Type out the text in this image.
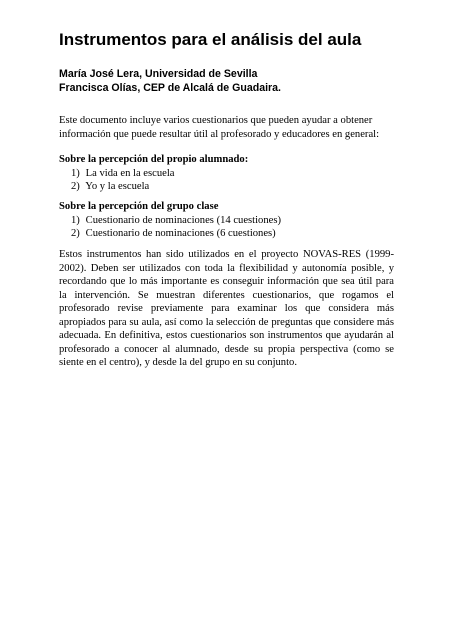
Instrumentos para el análisis del aula
María José Lera, Universidad de Sevilla
Francisca Olías, CEP de Alcalá de Guadaira.

Este documento incluye varios cuestionarios que pueden ayudar a obtener información que puede resultar útil al profesorado y educadores en general:

Sobre la percepción del propio alumnado:
1) La vida en la escuela
2) Yo y la escuela
Sobre la percepción del grupo clase
1) Cuestionario de nominaciones (14 cuestiones)
2) Cuestionario de nominaciones (6 cuestiones)

Estos instrumentos han sido utilizados en el proyecto NOVAS-RES (1999-2002). Deben ser utilizados con toda la flexibilidad y autonomía posible, y recordando que lo más importante es conseguir información que sea útil para la intervención. Se muestran diferentes cuestionarios, que rogamos el profesorado revise previamente para examinar los que considera más apropiados para su aula, así como la selección de preguntas que considere más adecuada. En definitiva, estos cuestionarios son instrumentos que ayudarán al profesorado a conocer al alumnado, desde su propia perspectiva (como se siente en el centro), y desde la del grupo en su conjunto.
